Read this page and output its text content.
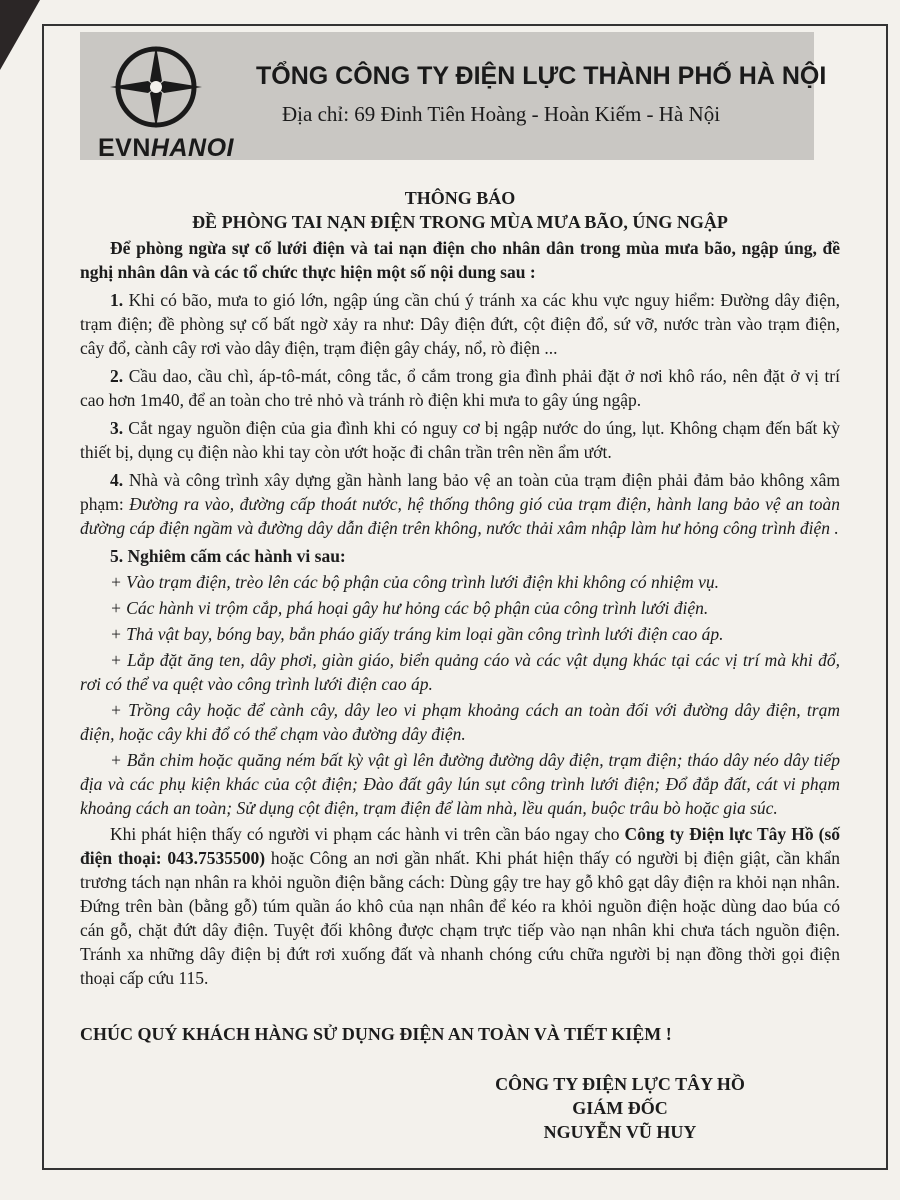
EVNHANOI
TỔNG CÔNG TY ĐIỆN LỰC THÀNH PHỐ HÀ NỘI
Địa chỉ: 69 Đinh Tiên Hoàng - Hoàn Kiếm - Hà Nội

THÔNG BÁO

ĐỀ PHÒNG TAI NẠN ĐIỆN TRONG MÙA MƯA BÃO, ÚNG NGẬP

Để phòng ngừa sự cố lưới điện và tai nạn điện cho nhân dân trong mùa mưa bão, ngập úng, đề nghị nhân dân và các tổ chức thực hiện một số nội dung sau :

1. Khi có bão, mưa to gió lớn, ngập úng cần chú ý tránh xa các khu vực nguy hiểm: Đường dây điện, trạm điện; đề phòng sự cố bất ngờ xảy ra như: Dây điện đứt, cột điện đổ, sứ vỡ, nước tràn vào trạm điện, cây đổ, cành cây rơi vào dây điện, trạm điện gây cháy, nổ, rò điện ...

2. Cầu dao, cầu chì, áp-tô-mát, công tắc, ổ cắm trong gia đình phải đặt ở nơi khô ráo, nên đặt ở vị trí cao hơn 1m40, để an toàn cho trẻ nhỏ và tránh rò điện khi mưa to gây úng ngập.

3. Cắt ngay nguồn điện của gia đình khi có nguy cơ bị ngập nước do úng, lụt. Không chạm đến bất kỳ thiết bị, dụng cụ điện nào khi tay còn ướt hoặc đi chân trần trên nền ẩm ướt.

4. Nhà và công trình xây dựng gần hành lang bảo vệ an toàn của trạm điện phải đảm bảo không xâm phạm: Đường ra vào, đường cấp thoát nước, hệ thống thông gió của trạm điện, hành lang bảo vệ an toàn đường cáp điện ngầm và đường dây dẫn điện trên không, nước thải xâm nhập làm hư hỏng công trình điện .

5. Nghiêm cấm các hành vi sau:

+ Vào trạm điện, trèo lên các bộ phận của công trình lưới điện khi không có nhiệm vụ.

+ Các hành vi trộm cắp, phá hoại gây hư hỏng các bộ phận của công trình lưới điện.

+ Thả vật bay, bóng bay, bắn pháo giấy tráng kim loại gần công trình lưới điện cao áp.

+ Lắp đặt ăng ten, dây phơi, giàn giáo, biển quảng cáo và các vật dụng khác tại các vị trí mà khi đổ, rơi có thể va quệt vào công trình lưới điện cao áp.

+ Trồng cây hoặc để cành cây, dây leo vi phạm khoảng cách an toàn đối với đường dây điện, trạm điện, hoặc cây khi đổ có thể chạm vào đường dây điện.

+ Bắn chim hoặc quăng ném bất kỳ vật gì lên đường đường dây điện, trạm điện; tháo dây néo dây tiếp địa và các phụ kiện khác của cột điện; Đào đất gây lún sụt công trình lưới điện; Đổ đắp đất, cát vi phạm khoảng cách an toàn; Sử dụng cột điện, trạm điện để làm nhà, lều quán, buộc trâu bò hoặc gia súc.

Khi phát hiện thấy có người vi phạm các hành vi trên cần báo ngay cho Công ty Điện lực Tây Hồ (số điện thoại: 043.7535500) hoặc Công an nơi gần nhất. Khi phát hiện thấy có người bị điện giật, cần khẩn trương tách nạn nhân ra khỏi nguồn điện bằng cách: Dùng gậy tre hay gỗ khô gạt dây điện ra khỏi nạn nhân. Đứng trên bàn (bằng gỗ) túm quần áo khô của nạn nhân để kéo ra khỏi nguồn điện hoặc dùng dao búa có cán gỗ, chặt đứt dây điện. Tuyệt đối không được chạm trực tiếp vào nạn nhân khi chưa tách nguồn điện. Tránh xa những dây điện bị đứt rơi xuống đất và nhanh chóng cứu chữa người bị nạn đồng thời gọi điện thoại cấp cứu 115.

CHÚC QUÝ KHÁCH HÀNG SỬ DỤNG ĐIỆN AN TOÀN VÀ TIẾT KIỆM !
CÔNG TY ĐIỆN LỰC TÂY HỒ
GIÁM ĐỐC
NGUYỄN VŨ HUY
